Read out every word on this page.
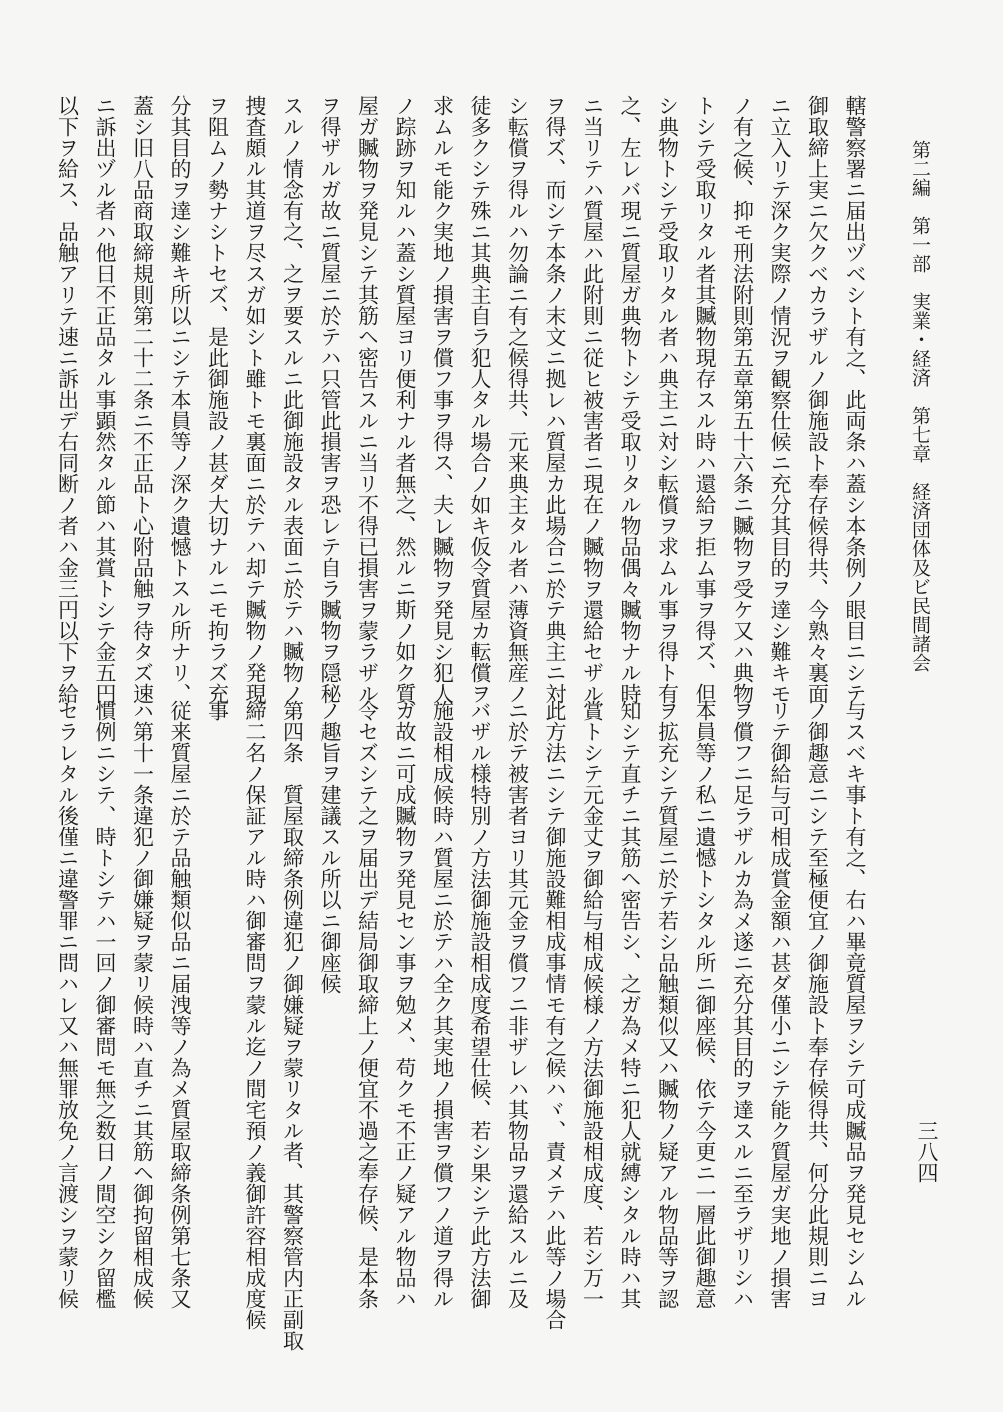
第二編　第一部　実業・経済　第七章　経済団体及ビ民間諸会
三八四
轄警察署ニ届出ヅベシト有之、此両条ハ蓋シ本条例ノ眼目ニシテ
御取締上実ニ欠クベカラザルノ御施設ト奉存候得共、今熟々裏面
ニ立入リテ深ク実際ノ情況ヲ観察仕候ニ充分其目的ヲ達シ難キモ
ノ有之候、抑モ刑法附則第五章第五十六条ニ贓物ヲ受ケ又ハ典物
トシテ受取リタル者其贓物現存スル時ハ還給ヲ拒ム事ヲ得ズ、但
シ典物トシテ受取リタル者ハ典主ニ対シ転償ヲ求ムル事ヲ得ト有
之、左レバ現ニ質屋ガ典物トシテ受取リタル物品偶々贓物ナル時
ニ当リテハ質屋ハ此附則ニ従ヒ被害者ニ現在ノ贓物ヲ還給セザル
ヲ得ズ、而シテ本条ノ末文ニ拠レハ質屋カ此場合ニ於テ典主ニ対
シ転償ヲ得ルハ勿論ニ有之候得共、元来典主タル者ハ薄資無産ノ
徒多クシテ殊ニ其典主自ラ犯人タル場合ノ如キ仮令質屋カ転償ヲ
求ムルモ能ク実地ノ損害ヲ償フ事ヲ得ス、夫レ贓物ヲ発見シ犯人
ノ踪跡ヲ知ルハ蓋シ質屋ヨリ便利ナル者無之、然ルニ斯ノ如ク質
屋ガ贓物ヲ発見シテ其筋ヘ密告スルニ当リ不得已損害ヲ蒙ラザル
ヲ得ザルガ故ニ質屋ニ於テハ只管此損害ヲ恐レテ自ラ贓物ヲ隠秘
スルノ情念有之、之ヲ要スルニ此御施設タル表面ニ於テハ贓物ノ
捜査頗ル其道ヲ尽スガ如シト雖トモ裏面ニ於テハ却テ贓物ノ発現
ヲ阻ムノ勢ナシトセズ、是此御施設ノ甚ダ大切ナルニモ拘ラズ充
分其目的ヲ達シ難キ所以ニシテ本員等ノ深ク遺憾トスル所ナリ、
蓋シ旧八品商取締規則第二十二条ニ不正品ト心附品触ヲ待タズ速
ニ訴出ヅル者ハ他日不正品タル事顕然タル節ハ其賞トシテ金五円
以下ヲ給ス、品触アリテ速ニ訴出デ右同断ノ者ハ金三円以下ヲ給
与スベキ事ト有之、右ハ畢竟質屋ヲシテ可成贓品ヲ発見セシムル
ノ御趣意ニシテ至極便宜ノ御施設ト奉存候得共、何分此規則ニヨ
リテ御給与可相成賞金額ハ甚ダ僅小ニシテ能ク質屋ガ実地ノ損害
ヲ償フニ足ラザルカ為メ遂ニ充分其目的ヲ達スルニ至ラザリシハ
本員等ノ私ニ遺憾トシタル所ニ御座候、依テ今更ニ一層此御趣意
ヲ拡充シテ質屋ニ於テ若シ品触類似又ハ贓物ノ疑アル物品等ヲ認
知シテ直チニ其筋ヘ密告シ、之ガ為メ特ニ犯人就縛シタル時ハ其
賞トシテ元金丈ヲ御給与相成候様ノ方法御施設相成度、若シ万一
此方法ニシテ御施設難相成事情モ有之候ハヾ、責メテハ此等ノ場合
ニ於テ被害者ヨリ其元金ヲ償フニ非ザレハ其物品ヲ還給スルニ及
バザル様特別ノ方法御施設相成度希望仕候、若シ果シテ此方法御
施設相成候時ハ質屋ニ於テハ全ク其実地ノ損害ヲ償フノ道ヲ得ル
ガ故ニ可成贓物ヲ発見セン事ヲ勉メ、苟クモ不正ノ疑アル物品ハ
令セズシテ之ヲ届出デ結局御取締上ノ便宜不過之奉存候、是本条
ノ趣旨ヲ建議スル所以ニ御座候
第四条　質屋取締条例違犯ノ御嫌疑ヲ蒙リタル者、其警察管内正副取
締二名ノ保証アル時ハ御審問ヲ蒙ル迄ノ間宅預ノ義御許容相成度候
事
従来質屋ニ於テ品触類似品ニ届洩等ノ為メ質屋取締条例第七条又
ハ第十一条違犯ノ御嫌疑ヲ蒙リ候時ハ直チニ其筋ヘ御拘留相成候
慣例ニシテ、時トシテハ一回ノ御審問モ無之数日ノ間空シク留檻
セラレタル後僅ニ違警罪ニ問ハレ又ハ無罪放免ノ言渡シヲ蒙リ候
